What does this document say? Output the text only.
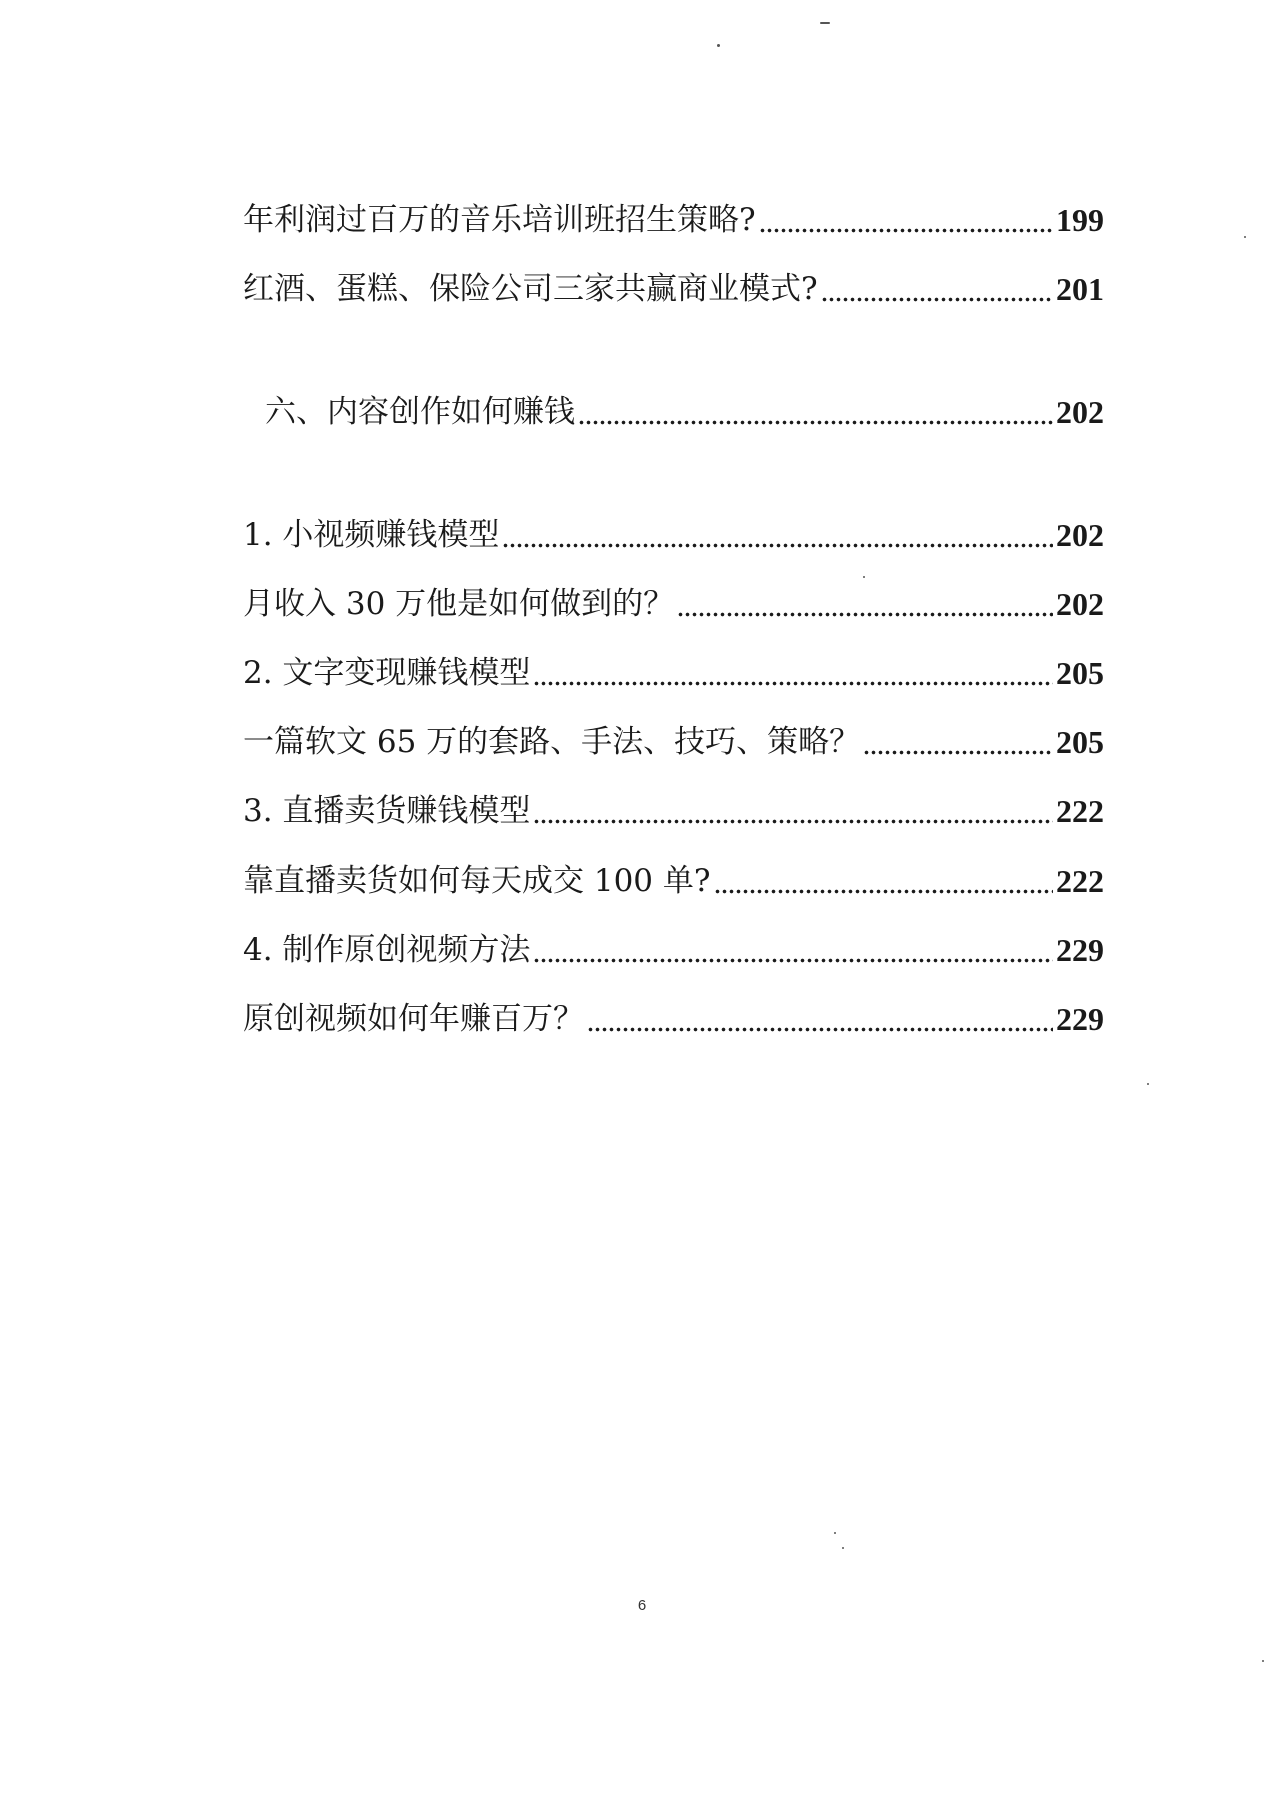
年利润过百万的音乐培训班招生策略?	199
红酒、蛋糕、保险公司三家共赢商业模式?	201
六、内容创作如何赚钱	202
1. 小视频赚钱模型	202
月收入 30 万他是如何做到的？	202
2. 文字变现赚钱模型	205
一篇软文 65 万的套路、手法、技巧、策略？	205
3. 直播卖货赚钱模型	222
靠直播卖货如何每天成交 100 单?	222
4. 制作原创视频方法	229
原创视频如何年赚百万？	229
6
